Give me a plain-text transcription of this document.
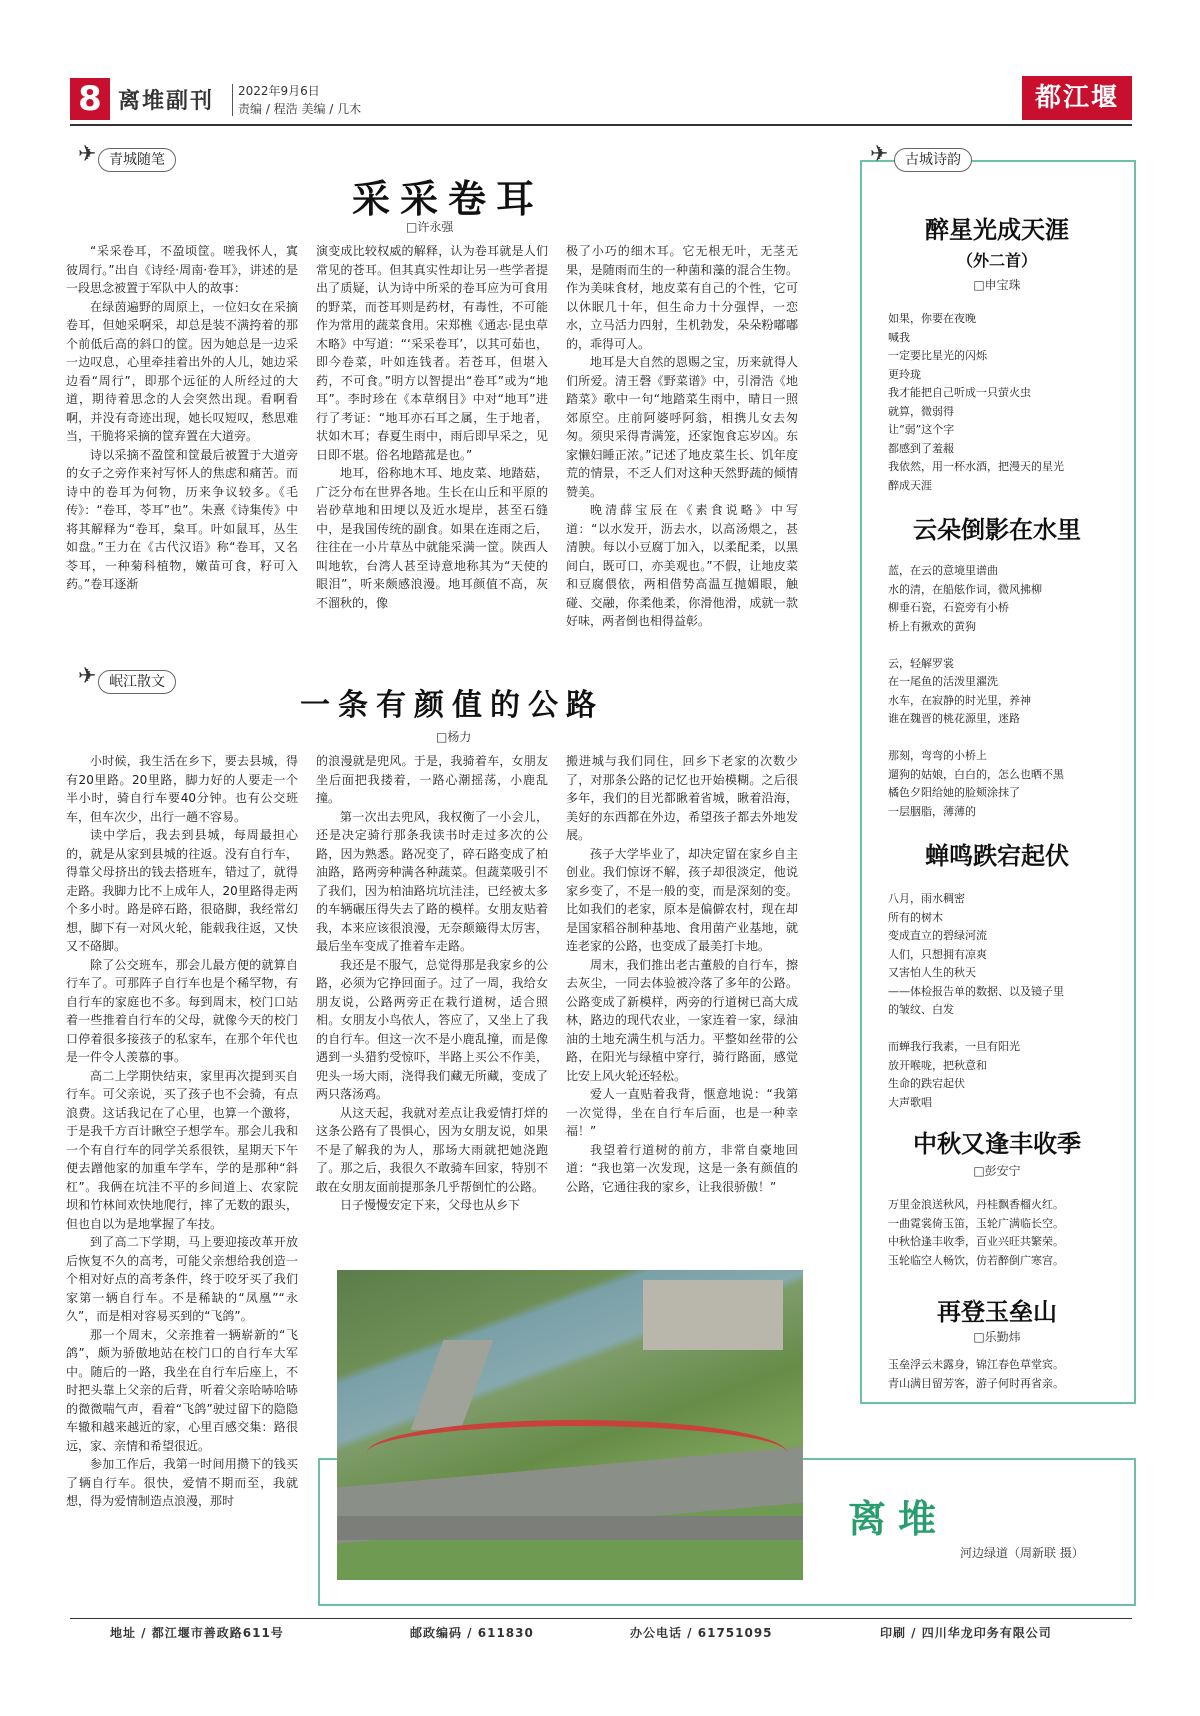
8 离堆副刊 2022年9月6日
责编 / 程浩 美编 / 几木	都江堰报
✈ 青城随笔
采采卷耳
□许永强

“采采卷耳，不盈顷筐。嗟我怀人，寘彼周行。”出自《诗经·周南·卷耳》，讲述的是一段思念被置于军队中人的故事：

在绿茵遍野的周原上，一位妇女在采摘卷耳，但她采啊采，却总是装不满挎着的那个前低后高的斜口的筐。因为她总是一边采一边叹息，心里牵挂着出外的人儿，她边采边看“周行”，即那个远征的人所经过的大道，期待着思念的人会突然出现。看啊看啊，并没有奇迹出现，她长叹短叹，愁思难当，干脆将采摘的筐弃置在大道旁。

诗以采摘不盈筐和筐最后被置于大道旁的女子之旁作来衬写怀人的焦虑和痛苦。而诗中的卷耳为何物，历来争议较多。《毛传》：“卷耳，苓耳”也”。朱熹《诗集传》中将其解释为“卷耳，枲耳。叶如鼠耳，丛生如盘。”王力在《古代汉语》称“卷耳，又名苓耳，一种菊科植物，嫩苗可食，籽可入药。”卷耳逐渐

演变成比较权威的解释，认为卷耳就是人们常见的苍耳。但其真实性却让另一些学者提出了质疑，认为诗中所采的卷耳应为可食用的野菜，而苍耳则是药材，有毒性，不可能作为常用的蔬菜食用。宋郑樵《通志·昆虫草木略》中写道：“‘采采卷耳’，以其可茹也，即今卷菜，叶如连钱者。若苍耳，但堪入药，不可食。”明方以智提出“卷耳”或为“地耳”。李时珍在《本草纲目》中对“地耳”进行了考证：“地耳亦石耳之属，生于地者，状如木耳；春夏生雨中，雨后即早采之，见日即不堪。俗名地踏菰是也。”

地耳，俗称地木耳、地皮菜、地踏菇，广泛分布在世界各地。生长在山丘和平原的岩砂草地和田埂以及近水堤岸，甚至石缝中，是我国传统的副食。如果在连雨之后，往往在一小片草丛中就能采满一筐。陕西人叫地软，台湾人甚至诗意地称其为“天使的眼泪”，听来颇感浪漫。地耳颜值不高，灰不溜秋的，像

极了小巧的细木耳。它无根无叶，无茎无果，是随雨而生的一种菌和藻的混合生物。作为美味食材，地皮菜有自己的个性，它可以休眠几十年，但生命力十分强悍，一恋水，立马活力四射，生机勃发，朵朵粉嘟嘟的，乖得可人。

地耳是大自然的恩赐之宝，历来就得人们所爱。清王磬《野菜谱》中，引滑浩《地踏菜》歌中一句“地踏菜生雨中，晴日一照郊原空。庄前阿婆呼阿翁，相携儿女去匆匆。须臾采得青满笼，还家饱食忘岁凶。东家懒妇睡正浓。”记述了地皮菜生长、饥年度荒的情景，不乏人们对这种天然野蔬的倾情赞美。

晚清薛宝辰在《素食说略》中写道：“以水发开，沥去水，以高汤煨之，甚清腴。每以小豆腐丁加入，以柔配柔，以黑间白，既可口，亦美观也。”不假，让地皮菜和豆腐偎依，两相借势高温互抛媚眼，触碰、交融，你柔他柔，你滑他滑，成就一款好味，两者倒也相得益彰。

✈ 岷江散文
一条有颜值的公路
□杨力

小时候，我生活在乡下，要去县城，得有20里路。20里路，脚力好的人要走一个半小时，骑自行车要40分钟。也有公交班车，但车次少，出行一趟不容易。

读中学后，我去到县城，每周最担心的，就是从家到县城的往返。没有自行车，得靠父母挤出的钱去搭班车，错过了，就得走路。我脚力比不上成年人，20里路得走两个多小时。路是碎石路，很硌脚，我经常幻想，脚下有一对风火轮，能载我往返，又快又不硌脚。

除了公交班车，那会儿最方便的就算自行车了。可那阵子自行车也是个稀罕物，有自行车的家庭也不多。每到周末，校门口站着一些推着自行车的父母，就像今天的校门口停着很多接孩子的私家车，在那个年代也是一件令人羡慕的事。

高二上学期快结束，家里再次提到买自行车。可父亲说，买了孩子也不会骑，有点浪费。这话我记在了心里，也算一个激将，于是我千方百计瞅空子想学车。那会儿我和一个有自行车的同学关系很铁，星期天下午便去蹭他家的加重车学车，学的是那种“斜杠”。我俩在坑洼不平的乡间道上、农家院坝和竹林间欢快地爬行，摔了无数的跟头，但也自以为是地掌握了车技。

到了高二下学期，马上要迎接改革开放后恢复不久的高考，可能父亲想给我创造一个相对好点的高考条件，终于咬牙买了我们家第一辆自行车。不是稀缺的“凤凰”“永久”，而是相对容易买到的“飞鸽”。

那一个周末，父亲推着一辆崭新的“飞鸽”，颇为骄傲地站在校门口的自行车大军中。随后的一路，我坐在自行车后座上，不时把头靠上父亲的后背，听着父亲哈哧哈哧的微微喘气声，看着“飞鸽”驶过留下的隐隐车辙和越来越近的家，心里百感交集：路很远，家、亲情和希望很近。

参加工作后，我第一时间用攒下的钱买了辆自行车。很快，爱情不期而至，我就想，得为爱情制造点浪漫，那时

的浪漫就是兜风。于是，我骑着车，女朋友坐后面把我搂着，一路心潮摇荡，小鹿乱撞。

第一次出去兜风，我权衡了一小会儿，还是决定骑行那条我读书时走过多次的公路，因为熟悉。路况变了，碎石路变成了柏油路，路两旁种满各种蔬菜。但蔬菜吸引不了我们，因为柏油路坑坑洼洼，已经被太多的车辆碾压得失去了路的模样。女朋友贴着我，本来应该很浪漫，无奈颠簸得太厉害，最后坐车变成了推着车走路。

我还是不服气，总觉得那是我家乡的公路，必须为它挣回面子。过了一周，我给女朋友说，公路两旁正在栽行道树，适合照相。女朋友小鸟依人，答应了，又坐上了我的自行车。但这一次不是小鹿乱撞，而是像遇到一头猎豹受惊吓，半路上买公不作美，兜头一场大雨，浇得我们藏无所藏，变成了两只落汤鸡。

从这天起，我就对差点让我爱情打烊的这条公路有了畏惧心，因为女朋友说，如果不是了解我的为人，那场大雨就把她浇跑了。那之后，我很久不敢骑车回家，特别不敢在女朋友面前提那条几乎帮倒忙的公路。

日子慢慢安定下来，父母也从乡下

搬进城与我们同住，回乡下老家的次数少了，对那条公路的记忆也开始模糊。之后很多年，我们的目光都瞅着省城，瞅着沿海，美好的东西都在外边，希望孩子都去外地发展。

孩子大学毕业了，却决定留在家乡自主创业。我们惊讶不解，孩子却很淡定，他说家乡变了，不是一般的变，而是深刻的变。比如我们的老家，原本是偏僻农村，现在却是国家稻谷制种基地、食用菌产业基地，就连老家的公路，也变成了最美打卡地。

周末，我们推出老古董般的自行车，擦去灰尘，一同去体验被冷落了多年的公路。公路变成了新模样，两旁的行道树已高大成林，路边的现代农业，一家连着一家，绿油油的土地充满生机与活力。平整如丝带的公路，在阳光与绿植中穿行，骑行路面，感觉比安上风火轮还轻松。

爱人一直贴着我背，惬意地说：“我第一次觉得，坐在自行车后面，也是一种幸福！”

我望着行道树的前方，非常自豪地回道：“我也第一次发现，这是一条有颜值的公路，它通往我的家乡，让我很骄傲！”

离堆
河边绿道（周新联 摄）
✈	古城诗韵
醉星光成天涯
（外二首）
□申宝珠
如果，你要在夜晚
喊我
一定要比星光的闪烁
更玲珑
我才能把自己听成一只萤火虫
就算，微弱得
让“弱”这个字
都感到了羞赧
我依然，用一杯水酒，把漫天的星光
醉成天涯
云朵倒影在水里
蓝，在云的意境里谱曲
水的清，在船舷作词，微风拂柳
柳垂石瓷，石瓷旁有小桥
桥上有揪欢的黄狗
云，轻解罗裳
在一尾鱼的活泼里濯洗
水车，在寂静的时光里，养神
谁在魏晋的桃花源里，迷路
那刻，弯弯的小桥上
遛狗的姑娘，白白的，怎么也晒不黑
橘色夕阳给她的脸颊涂抹了
一层胭脂，薄薄的
蝉鸣跌宕起伏
八月，雨水稠密
所有的树木
变成直立的碧绿河流
人们，只想拥有凉爽
又害怕人生的秋天
——体检报告单的数据、以及镜子里
的皱纹、白发
而蝉我行我素，一旦有阳光
放开喉咙，把秋意和
生命的跌宕起伏
大声歌唱
中秋又逢丰收季
□彭安宁
万里金浪送秋风，丹桂飘香榴火红。
一曲霓裳倚玉笛，玉轮广满临长空。
中秋恰逢丰收季，百业兴旺共繁荣。
玉轮临空人畅饮，仿若醉倒广寒宫。
再登玉垒山
□乐勤炜
玉垒浮云未露身，锦江春色草堂宾。
青山满目留芳客，游子何时再省亲。
地址 / 都江堰市善政路611号	邮政编码 / 611830	办公电话 / 61751095	印刷 / 四川华龙印务有限公司
